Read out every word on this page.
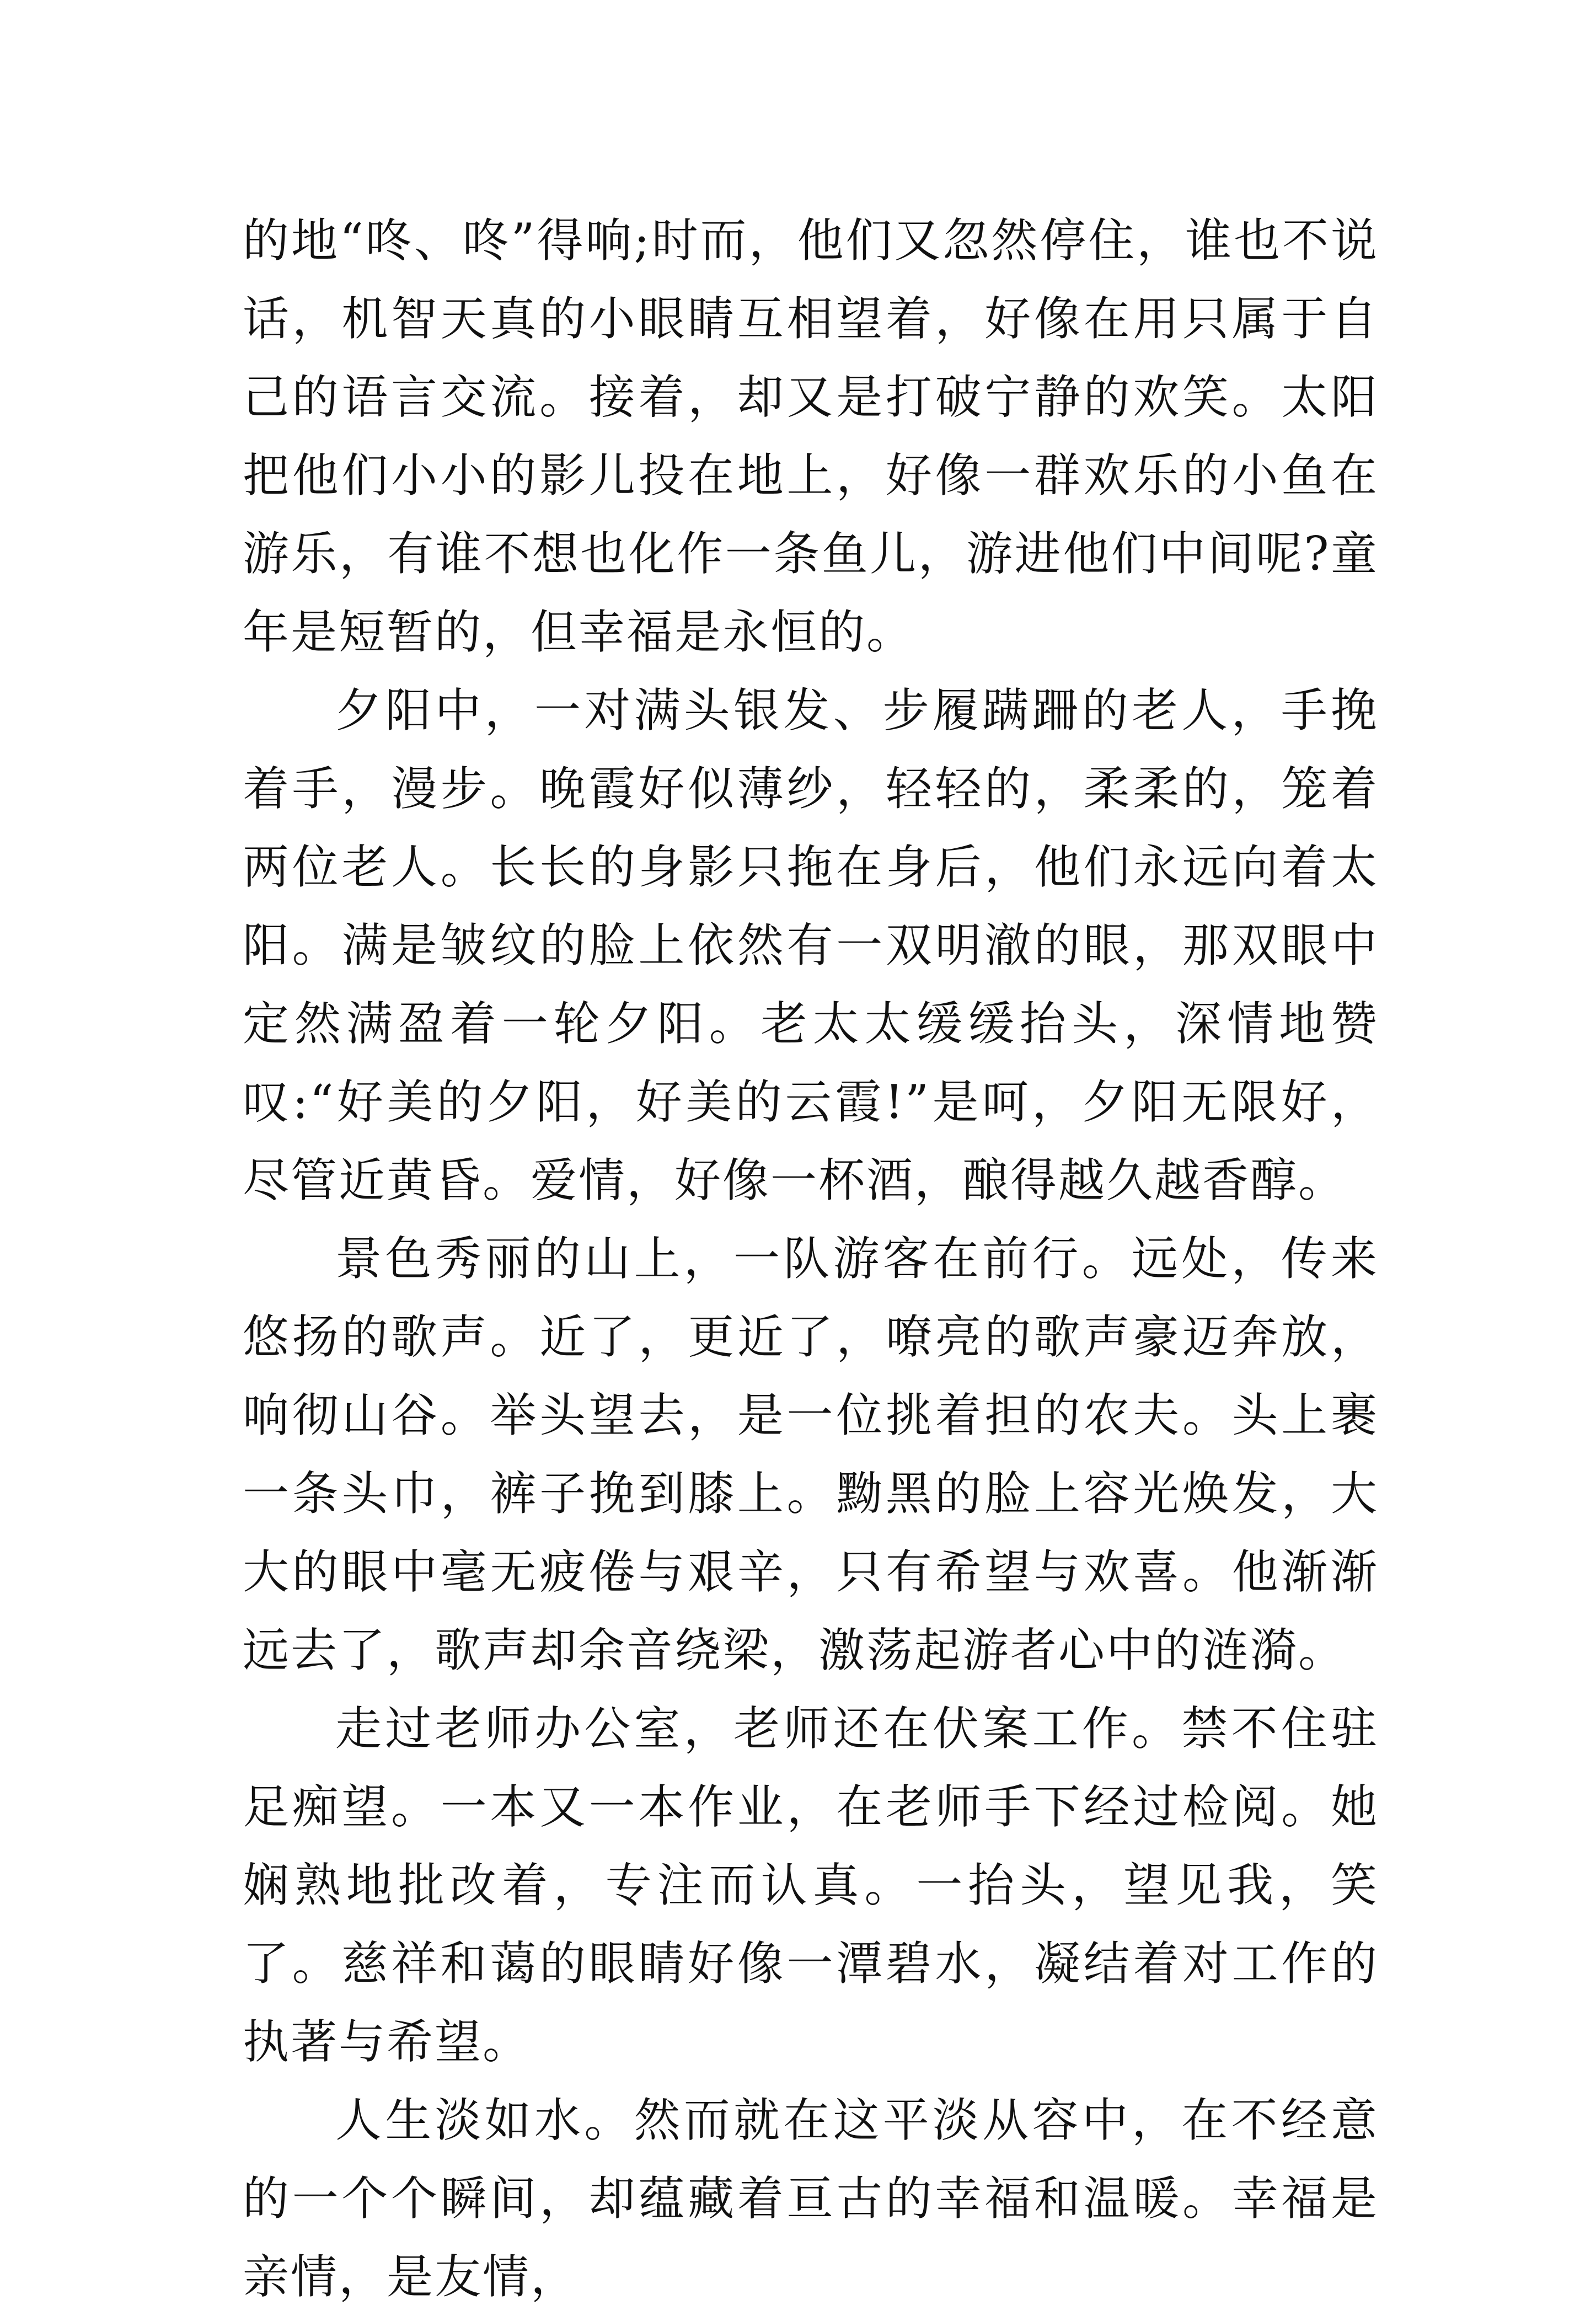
的地“咚、咚”得响;时而，他们又忽然停住，谁也不说话，机智天真的小眼睛互相望着，好像在用只属于自己的语言交流。接着，却又是打破宁静的欢笑。太阳把他们小小的影儿投在地上，好像一群欢乐的小鱼在游乐，有谁不想也化作一条鱼儿，游进他们中间呢?童年是短暂的，但幸福是永恒的。

夕阳中，一对满头银发、步履蹒跚的老人，手挽着手，漫步。晚霞好似薄纱，轻轻的，柔柔的，笼着两位老人。长长的身影只拖在身后，他们永远向着太阳。满是皱纹的脸上依然有一双明澈的眼，那双眼中定然满盈着一轮夕阳。老太太缓缓抬头，深情地赞叹:“好美的夕阳，好美的云霞!”是呵，夕阳无限好，尽管近黄昏。爱情，好像一杯酒，酿得越久越香醇。

景色秀丽的山上，一队游客在前行。远处，传来悠扬的歌声。近了，更近了，嘹亮的歌声豪迈奔放，响彻山谷。举头望去，是一位挑着担的农夫。头上裹一条头巾，裤子挽到膝上。黝黑的脸上容光焕发，大大的眼中毫无疲倦与艰辛，只有希望与欢喜。他渐渐远去了，歌声却余音绕梁，激荡起游者心中的涟漪。

走过老师办公室，老师还在伏案工作。禁不住驻足痴望。一本又一本作业，在老师手下经过检阅。她娴熟地批改着，专注而认真。一抬头，望见我，笑了。慈祥和蔼的眼睛好像一潭碧水，凝结着对工作的执著与希望。

人生淡如水。然而就在这平淡从容中，在不经意的一个个瞬间，却蕴藏着亘古的幸福和温暖。幸福是亲情，是友情，
